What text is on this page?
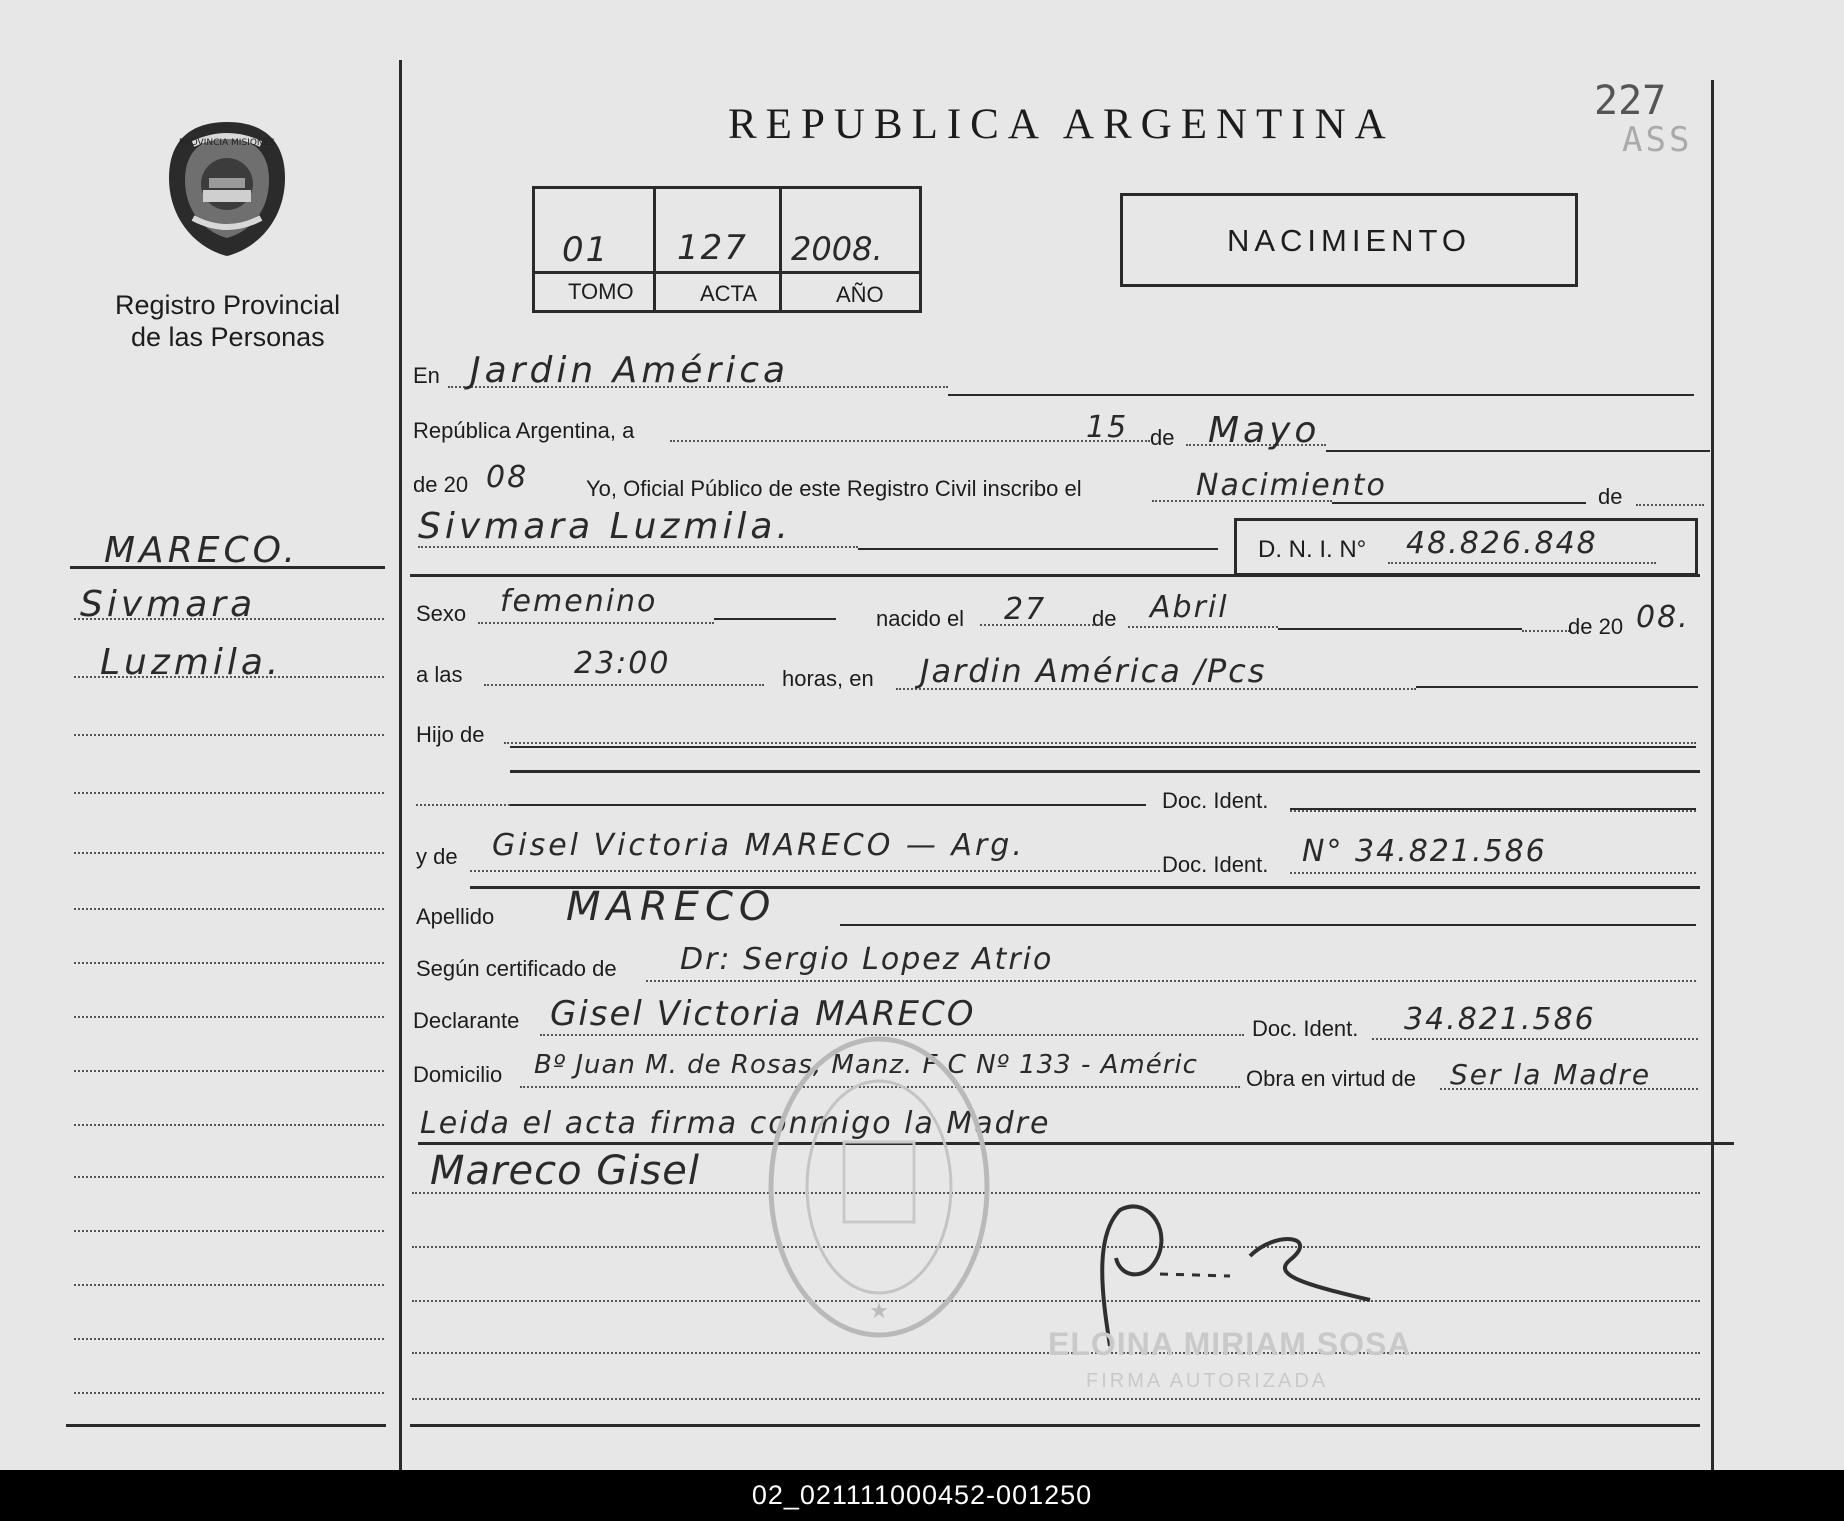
227
ASS
PROVINCIA MISIONES
Registro Provincial
de las Personas
REPUBLICA ARGENTINA
01 127 2008.
TOMO	ACTA	AÑO
NACIMIENTO
MARECO.
Sivmara
Luzmila.
En Jardin América
República Argentina, a	15 de Mayo
de 20 08	Yo, Oficial Público de este Registro Civil inscribo el	Nacimiento	de
Sivmara Luzmila.
D. N. I. N° 48.826.848
Sexo femenino	nacido el 27 de Abril
de 20 08.
a las	23:00	horas, en Jardin América /Pcs
Hijo de
Doc. Ident.
y de Gisel Victoria MARECO — Arg.
Doc. Ident. N° 34.821.586
Apellido MARECO
Según certificado de Dr: Sergio Lopez Atrio
Declarante Gisel Victoria MARECO	Doc. Ident. 34.821.586
Domicilio Bº Juan M. de Rosas, Manz. F C Nº 133 - Améric Obra en virtud de Ser la Madre
Leida el acta firma conmigo la Madre
Mareco Gisel
★
ELOINA MIRIAM SOSA
FIRMA AUTORIZADA
02_021111000452-001250
